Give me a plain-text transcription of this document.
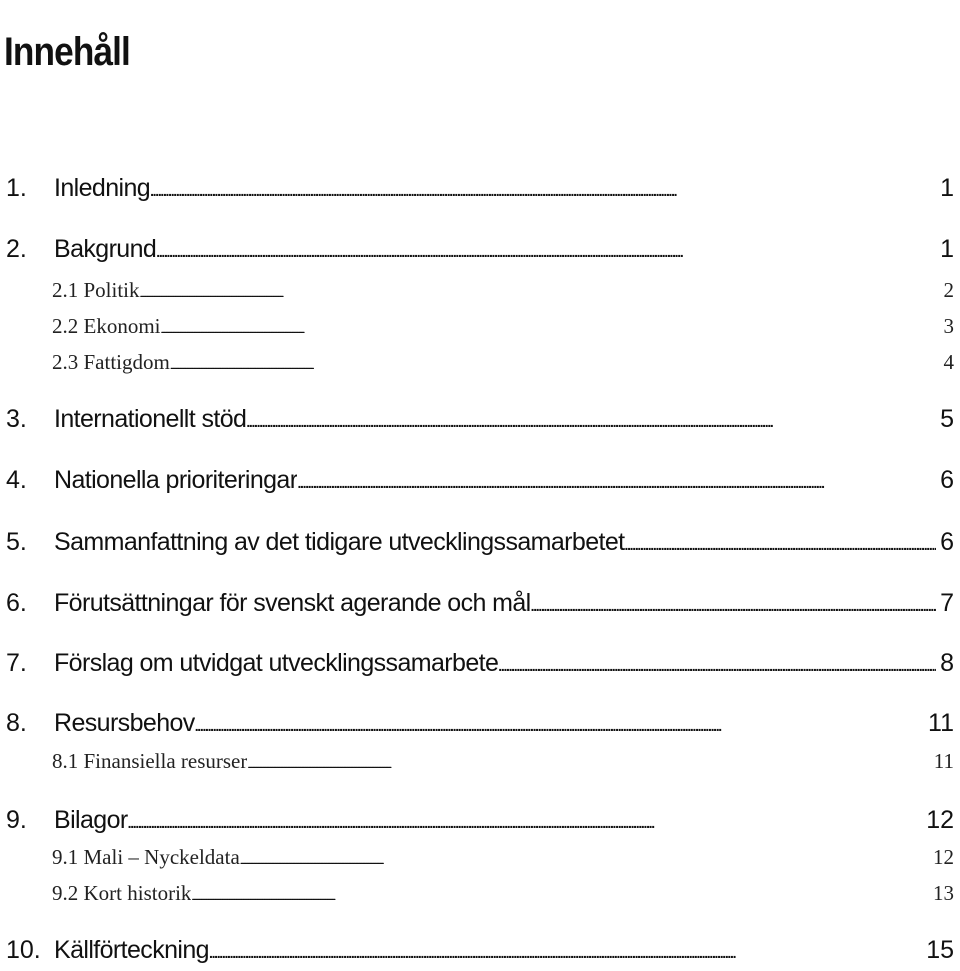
Innehåll
1.	Inledning . . .	1
2.	Bakgrund . . .	1
2.1 Politik . . .	2
2.2 Ekonomi . . .	3
2.3 Fattigdom . . .	4
3.	Internationellt stöd . . .	5
4.	Nationella prioriteringar . . .	6
5.	Sammanfattning av det tidigare utvecklingssamarbetet . . .	6
6.	Förutsättningar för svenskt agerande och mål . . .	7
7.	Förslag om utvidgat utvecklingssamarbete . . .	8
8.	Resursbehov . . .	11
8.1 Finansiella resurser . . .	11
9.	Bilagor . . .	12
9.1 Mali – Nyckeldata . . .	12
9.2 Kort historik . . .	13
10. Källförteckning . . .	15
